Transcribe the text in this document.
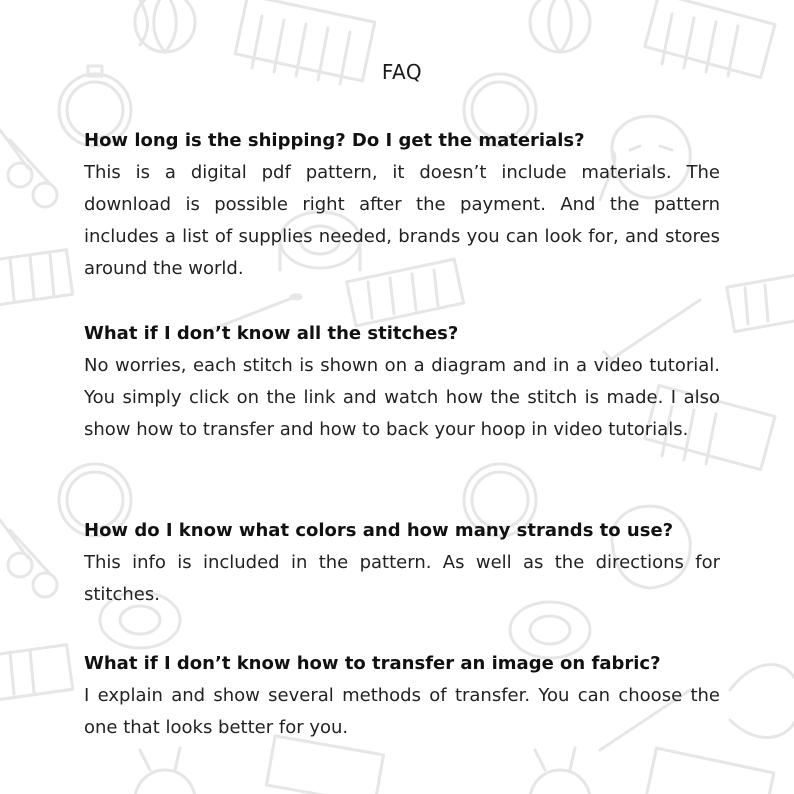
FAQ
How long is the shipping? Do I get the materials?

This is a digital pdf pattern, it doesn’t include materials. The download is possible right after the payment. And the pattern includes a list of supplies needed, brands you can look for, and stores around the world.

What if I don’t know all the stitches?

No worries, each stitch is shown on a diagram and in a video tutorial. You simply click on the link and watch how the stitch is made. I also show how to transfer and how to back your hoop in video tutorials.

How do I know what colors and how many strands to use?

This info is included in the pattern. As well as the directions for stitches.

What if I don’t know how to transfer an image on fabric?

I explain and show several methods of transfer. You can choose the one that looks better for you.
